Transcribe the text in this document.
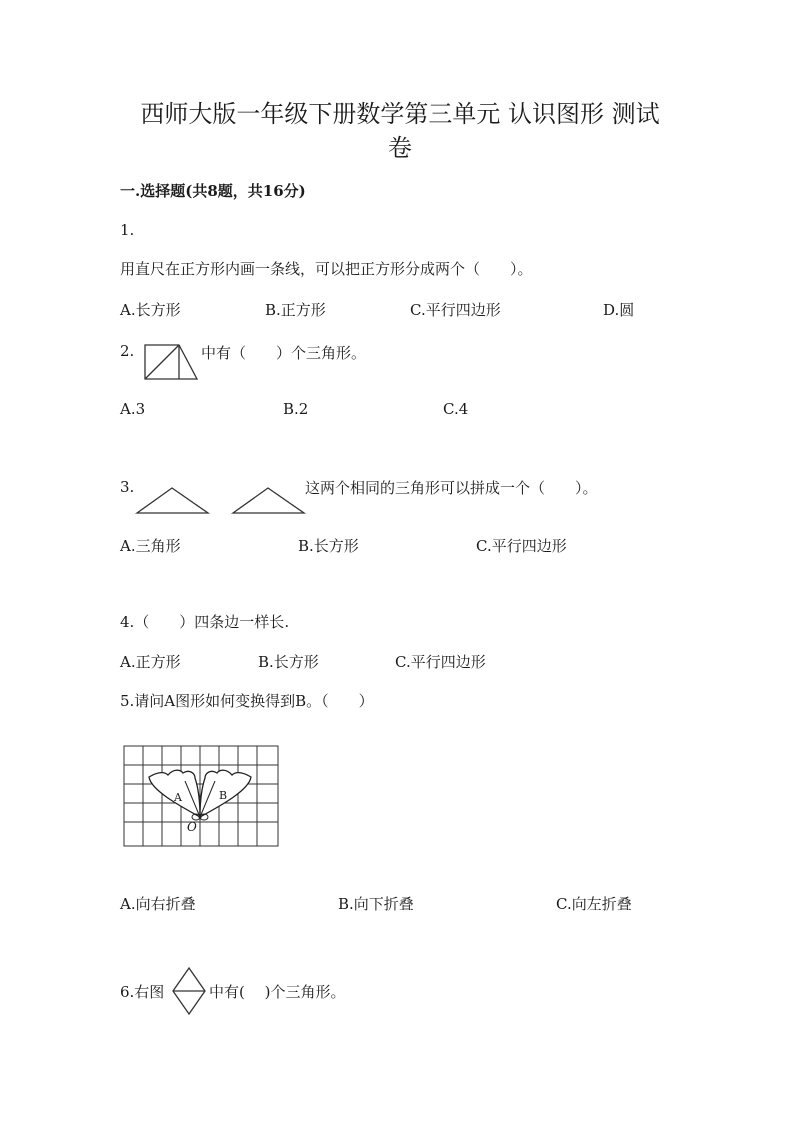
西师大版一年级下册数学第三单元 认识图形 测试
卷
一.选择题(共8题，共16分)
1.
用直尺在正方形内画一条线，可以把正方形分成两个（　　）。
A.长方形	B.正方形	C.平行四边形	D.圆
2.	中有（　　）个三角形。
A.3	B.2	C.4
3.	这两个相同的三角形可以拼成一个（　　）。
A.三角形	B.长方形	C.平行四边形
4.（　　）四条边一样长.
A.正方形	B.长方形	C.平行四边形
5.请问A图形如何变换得到B。（　　）
A	B
O
A.向右折叠	B.向下折叠	C.向左折叠
6.右图	中有(　 )个三角形。
